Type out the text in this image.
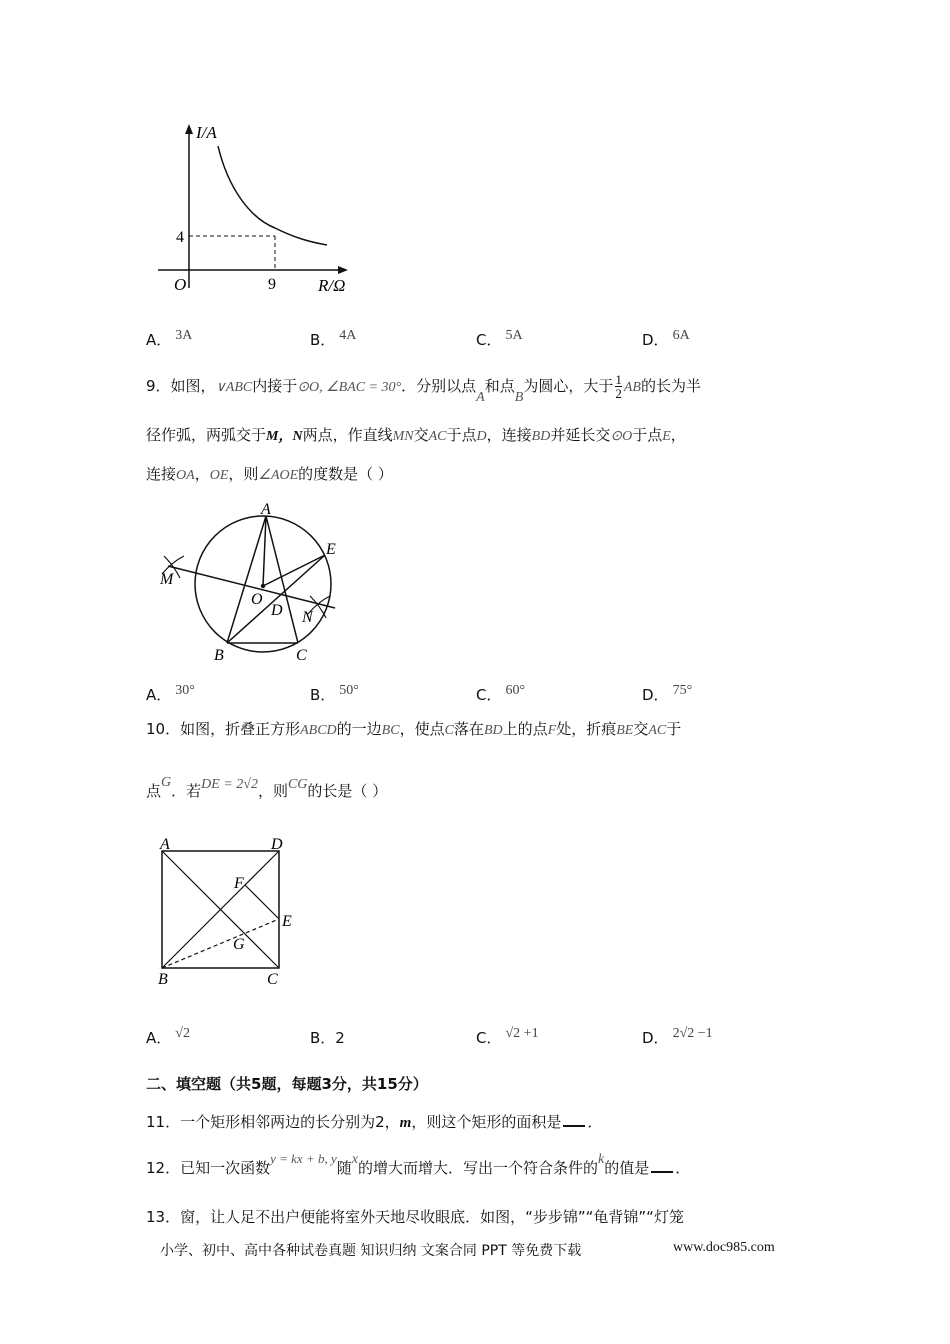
I/A
R/Ω
O
4
9
A． 3A	B． 4A	C． 5A	D． 6A
9．如图，∨ABC内接于⊙O, ∠BAC = 30°．分别以点A和点B为圆心，大于 $\frac{1}{2}$ AB的长为半
径作弧，两弧交于M，N两点，作直线MN交AC于点D，连接BD并延长交⊙O于点E，
连接OA，OE，则∠AOE的度数是（ ）
A
B	C
D
E
O
M
N
A． 30°	B． 50°	C． 60°	D． 75°
10．如图，折叠正方形ABCD的一边BC，使点C落在BD上的点F处，折痕BE交AC于
点G．若DE = 2√2，则CG的长是（ ）
A	D
B	C
E
F
G
A． √2	B．2	C． √2 +1	D． 2√2 −1
二、填空题（共5题，每题3分，共15分）
11．一个矩形相邻两边的长分别为2，m，则这个矩形的面积是 ．
12．已知一次函数y = kx + b, y随x的增大而增大．写出一个符合条件的k的值是 ．
13．窗，让人足不出户便能将室外天地尽收眼底．如图，“步步锦”“龟背锦”“灯笼
小学、初中、高中各种试卷真题 知识归纳 文案合同 PPT 等免费下载	www.doc985.com
